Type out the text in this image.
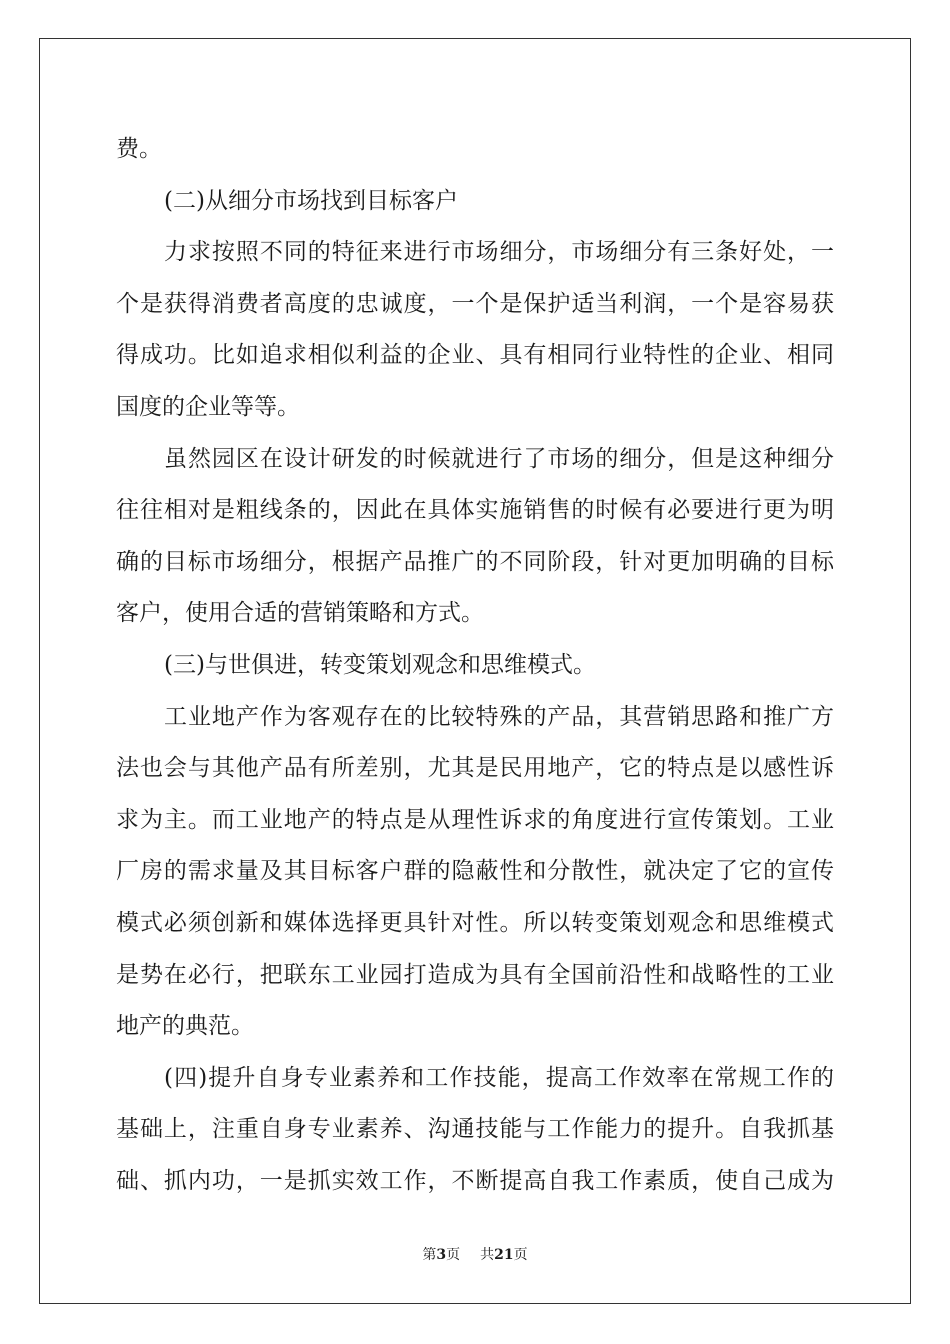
费。
(二)从细分市场找到目标客户
力求按照不同的特征来进行市场细分，市场细分有三条好处，一
个是获得消费者高度的忠诚度，一个是保护适当利润，一个是容易获
得成功。比如追求相似利益的企业、具有相同行业特性的企业、相同
国度的企业等等。
虽然园区在设计研发的时候就进行了市场的细分，但是这种细分
往往相对是粗线条的，因此在具体实施销售的时候有必要进行更为明
确的目标市场细分，根据产品推广的不同阶段，针对更加明确的目标
客户，使用合适的营销策略和方式。
(三)与世俱进，转变策划观念和思维模式。
工业地产作为客观存在的比较特殊的产品，其营销思路和推广方
法也会与其他产品有所差别，尤其是民用地产，它的特点是以感性诉
求为主。而工业地产的特点是从理性诉求的角度进行宣传策划。工业
厂房的需求量及其目标客户群的隐蔽性和分散性，就决定了它的宣传
模式必须创新和媒体选择更具针对性。所以转变策划观念和思维模式
是势在必行，把联东工业园打造成为具有全国前沿性和战略性的工业
地产的典范。
(四)提升自身专业素养和工作技能，提高工作效率在常规工作的
基础上，注重自身专业素养、沟通技能与工作能力的提升。自我抓基
础、抓内功，一是抓实效工作，不断提高自我工作素质，使自己成为
第3页 共21页
